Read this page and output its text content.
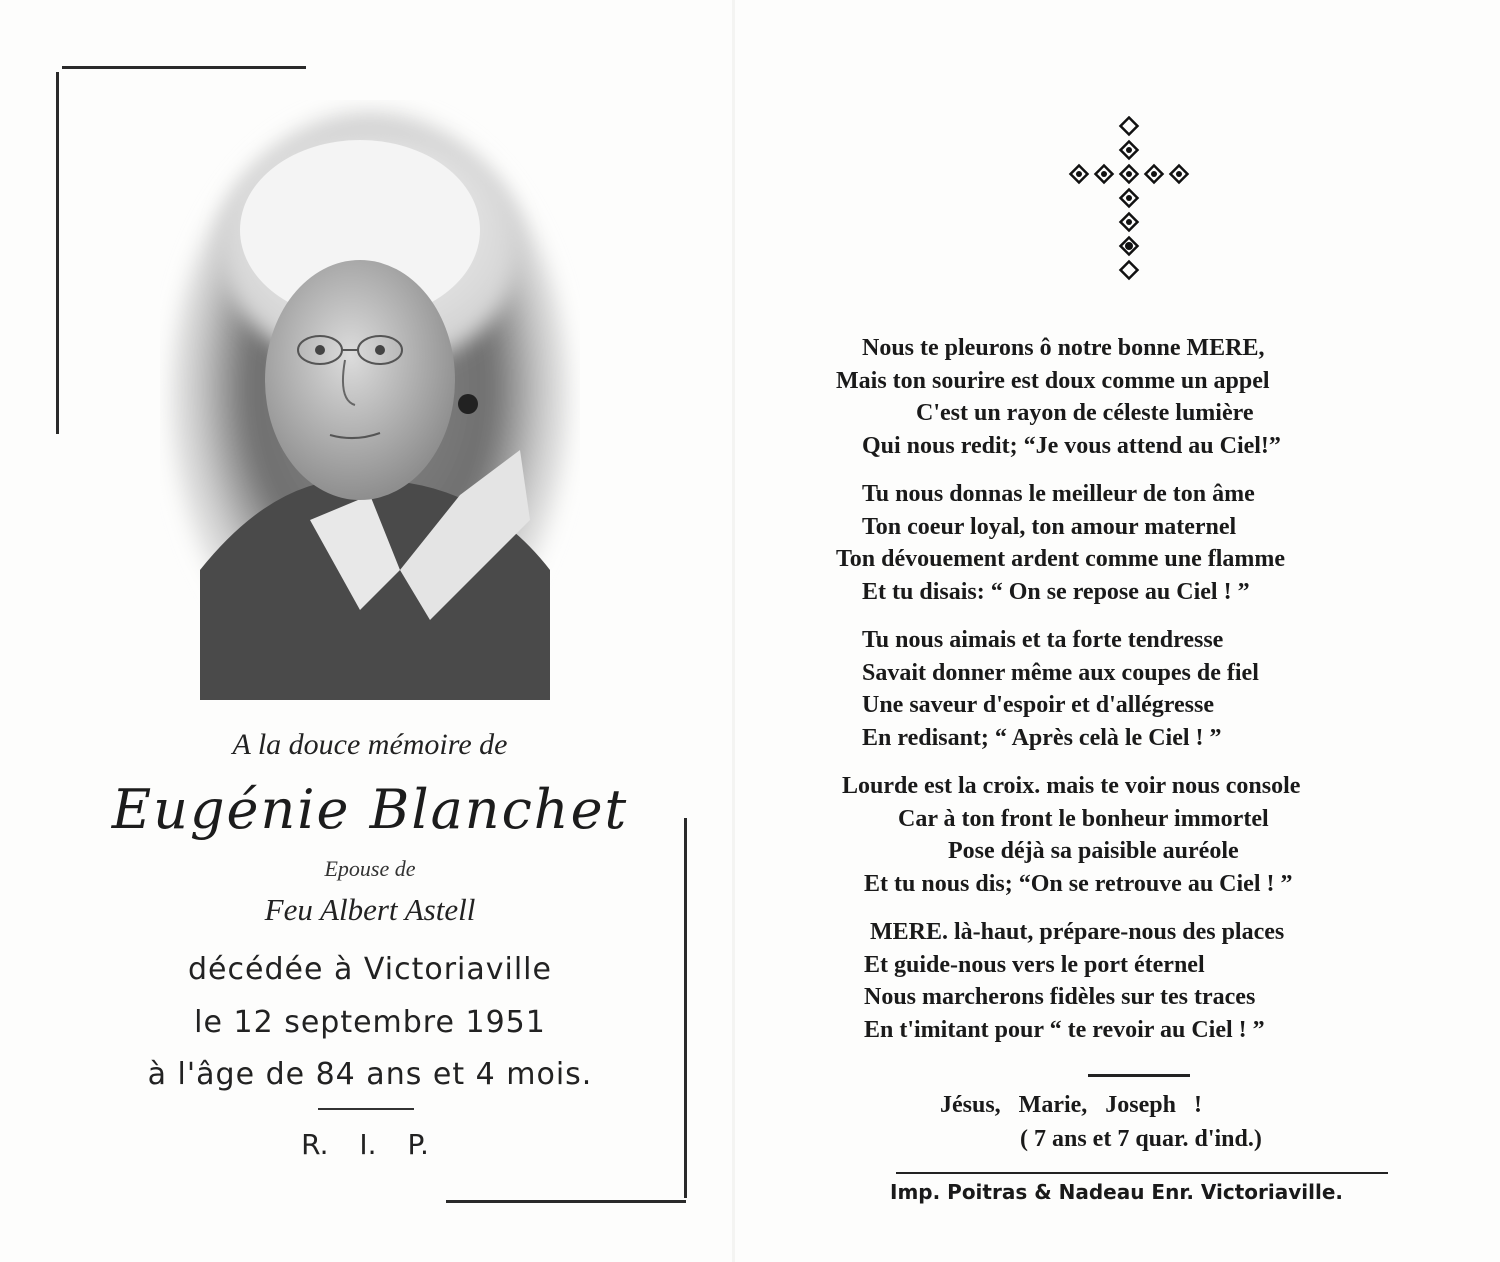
A la douce mémoire de
Eugénie Blanchet
Epouse de
Feu Albert Astell
décédée à Victoriaville
le 12 septembre 1951
à l'âge de 84 ans et 4 mois.
R. I. P.

Nous te pleurons ô notre bonne MERE,

Mais ton sourire est doux comme un appel

C'est un rayon de céleste lumière

Qui nous redit; “Je vous attend au Ciel!”

Tu nous donnas le meilleur de ton âme

Ton coeur loyal, ton amour maternel

Ton dévouement ardent comme une flamme

Et tu disais: “ On se repose au Ciel ! ”

Tu nous aimais et ta forte tendresse

Savait donner même aux coupes de fiel

Une saveur d'espoir et d'allégresse

En redisant; “ Après celà le Ciel ! ”

Lourde est la croix. mais te voir nous console

Car à ton front le bonheur immortel

Pose déjà sa paisible auréole

Et tu nous dis; “On se retrouve au Ciel ! ”

MERE. là-haut, prépare-nous des places

Et guide-nous vers le port éternel

Nous marcherons fidèles sur tes traces

En t'imitant pour “ te revoir au Ciel ! ”

Jésus, Marie, Joseph !
( 7 ans et 7 quar. d'ind.)
Imp. Poitras & Nadeau Enr. Victoriaville.
